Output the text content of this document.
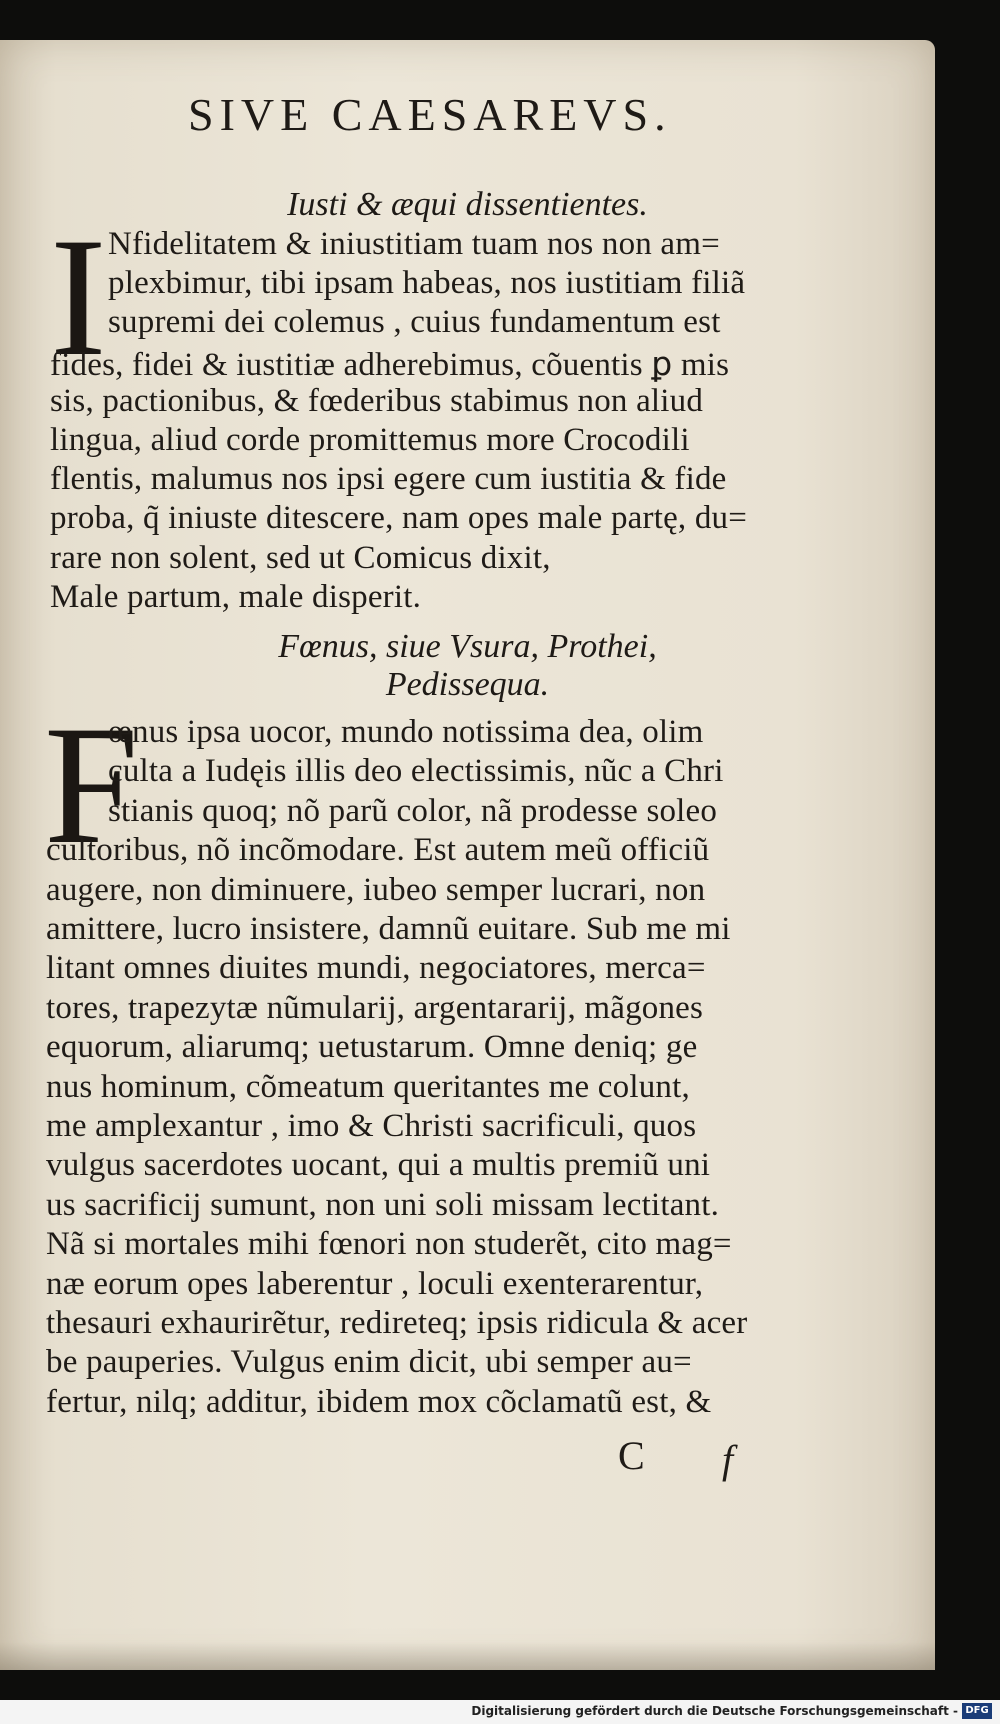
SIVE CAESAREVS.
Iusti & æqui dissentientes.
I Nfidelitatem & iniustitiam tuam nos non am=
plexbimur, tibi ipsam habeas, nos iustitiam filiã
supremi dei colemus , cuius fundamentum est
fides, fidei & iustitiæ adherebimus, cõuentis ꝑ mis
sis, pactionibus, & fœderibus stabimus non aliud
lingua, aliud corde promittemus more Crocodili
flentis, malumus nos ipsi egere cum iustitia & fide
proba, q̃ iniuste ditescere, nam opes male partę, du=
rare non solent, sed ut Comicus dixit,
Male partum, male disperit.
Fœnus, siue Vsura, Prothei,
Pedissequa.
F
œnus ipsa uocor, mundo notissima dea, olim
culta a Iudęis illis deo electissimis, nũc a Chri
stianis quoq; nõ parũ color, nã prodesse soleo
cultoribus, nõ incõmodare. Est autem meũ officiũ
augere, non diminuere, iubeo semper lucrari, non
amittere, lucro insistere, damnũ euitare. Sub me mi
litant omnes diuites mundi, negociatores, merca=
tores, trapezytæ nũmularij, argentararij, mãgones
equorum, aliarumq; uetustarum. Omne deniq; ge
nus hominum, cõmeatum queritantes me colunt,
me amplexantur , imo & Christi sacrificuli, quos
vulgus sacerdotes uocant, qui a multis premiũ uni
us sacrificij sumunt, non uni soli missam lectitant.
Nã si mortales mihi fœnori non studerẽt, cito mag=
næ eorum opes laberentur , loculi exenterarentur,
thesauri exhaurirẽtur, redireteq; ipsis ridicula & acer
be pauperies. Vulgus enim dicit, ubi semper au=
fertur, nilq; additur, ibidem mox cõclamatũ est, &
C f
Digitalisierung gefördert durch die Deutsche Forschungsgemeinschaft - DFG
